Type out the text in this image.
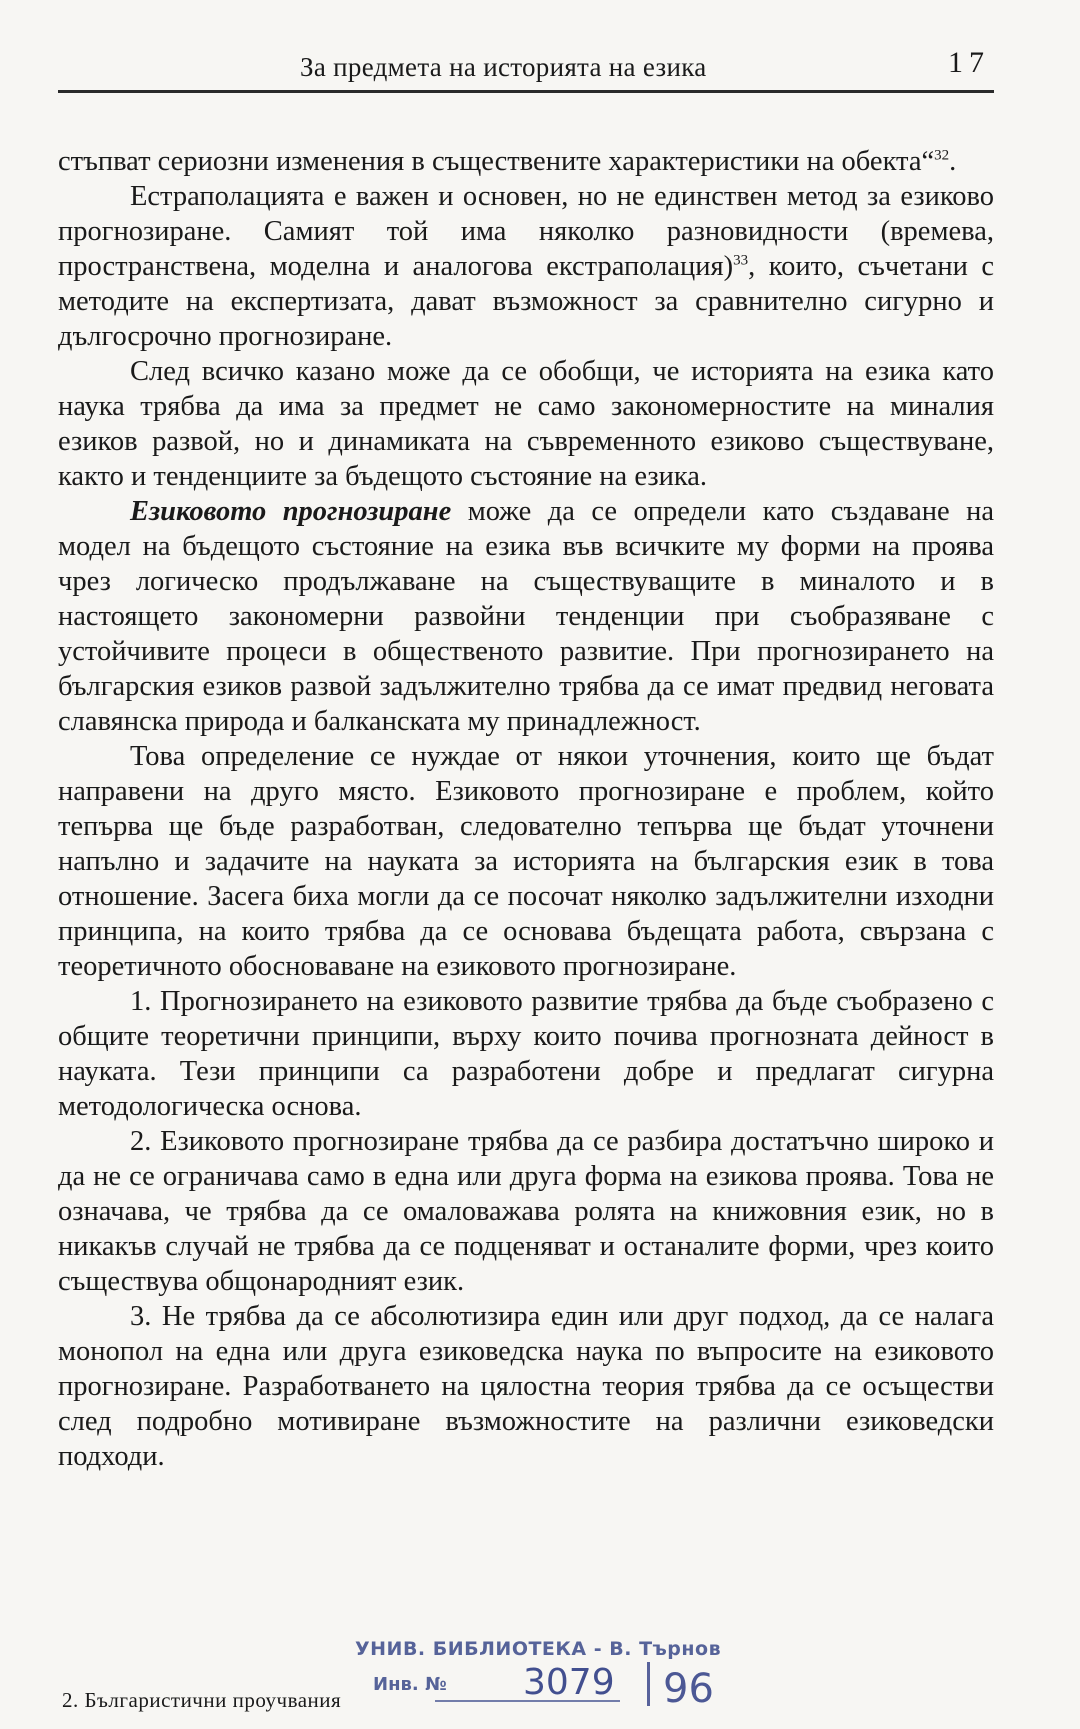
За предмета на историята на езика	17

стъпват сериозни изменения в съществените характеристики на обекта“$^{32}$.

Естраполацията е важен и основен, но не единствен метод за езиково прогнозиране. Самият той има няколко разновидности (времева, пространствена, моделна и аналогова екстраполация)$^{33}$, които, съчетани с методите на експертизата, дават възможност за сравнително сигурно и дългосрочно прогнозиране.

След всичко казано може да се обобщи, че историята на езика като наука трябва да има за предмет не само закономерностите на миналия езиков развой, но и динамиката на съвременното езиково съществуване, както и тенденциите за бъдещото състояние на езика.

Езиковото прогнозиране може да се определи като създаване на модел на бъдещото състояние на езика във всичките му форми на проява чрез логическо продължаване на съществуващите в миналото и в настоящето закономерни развойни тенденции при съобразяване с устойчивите процеси в общественото развитие. При прогнозирането на българския езиков развой задължително трябва да се имат предвид неговата славянска природа и балканската му принадлежност.

Това определение се нуждае от някои уточнения, които ще бъдат направени на друго място. Езиковото прогнозиране е проблем, който тепърва ще бъде разработван, следователно тепърва ще бъдат уточнени напълно и задачите на науката за историята на българския език в това отношение. Засега биха могли да се посочат няколко задължителни изходни принципа, на които трябва да се основава бъдещата работа, свързана с теоретичното обосноваване на езиковото прогнозиране.

1. Прогнозирането на езиковото развитие трябва да бъде съобразено с общите теоретични принципи, върху които почива прогнозната дейност в науката. Тези принципи са разработени добре и предлагат сигурна методологическа основа.

2. Езиковото прогнозиране трябва да се разбира достатъчно широко и да не се ограничава само в една или друга форма на езикова проява. Това не означава, че трябва да се омаловажава ролята на книжовния език, но в никакъв случай не трябва да се подценяват и останалите форми, чрез които съществува общонародният език.

3. Не трябва да се абсолютизира един или друг подход, да се налага монопол на една или друга езиковедска наука по въпросите на езиковото прогнозиране. Разработването на цялостна теория трябва да се осъществи след подробно мотивиране възможностите на различни езиковедски подходи.

2. Българистични проучвания
УНИВ. БИБЛИОТЕКА - В. Търнов
Инв. № 3079 96
